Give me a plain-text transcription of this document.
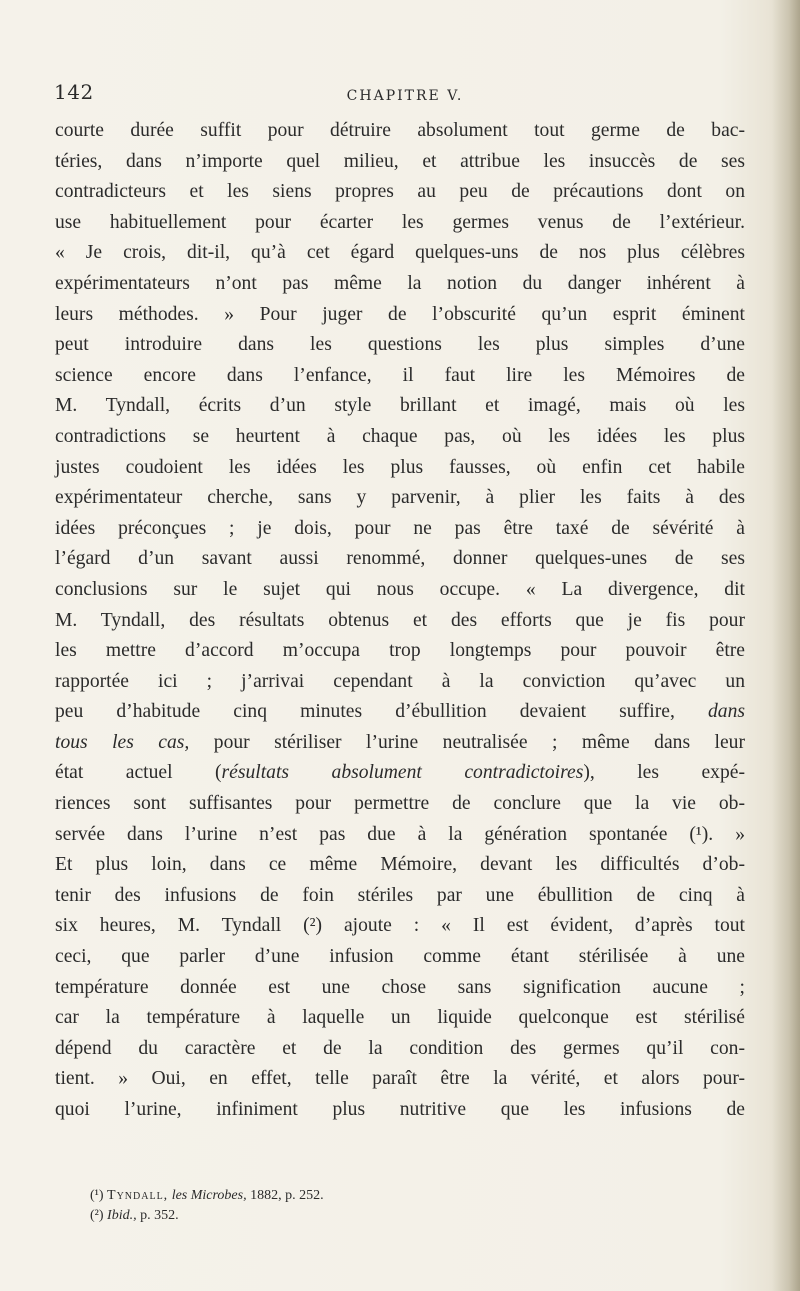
142	CHAPITRE V.
courte durée suffit pour détruire absolument tout germe de bac-
téries, dans n’importe quel milieu, et attribue les insuccès de ses
contradicteurs et les siens propres au peu de précautions dont on
use habituellement pour écarter les germes venus de l’extérieur.
« Je crois, dit-il, qu’à cet égard quelques-uns de nos plus célèbres
expérimentateurs n’ont pas même la notion du danger inhérent à
leurs méthodes. » Pour juger de l’obscurité qu’un esprit éminent
peut introduire dans les questions les plus simples d’une
science encore dans l’enfance, il faut lire les Mémoires de
M. Tyndall, écrits d’un style brillant et imagé, mais où les
contradictions se heurtent à chaque pas, où les idées les plus
justes coudoient les idées les plus fausses, où enfin cet habile
expérimentateur cherche, sans y parvenir, à plier les faits à des
idées préconçues ; je dois, pour ne pas être taxé de sévérité à
l’égard d’un savant aussi renommé, donner quelques-unes de ses
conclusions sur le sujet qui nous occupe. « La divergence, dit
M. Tyndall, des résultats obtenus et des efforts que je fis pour
les mettre d’accord m’occupa trop longtemps pour pouvoir être
rapportée ici ; j’arrivai cependant à la conviction qu’avec un
peu d’habitude cinq minutes d’ébullition devaient suffire, dans
tous les cas, pour stériliser l’urine neutralisée ; même dans leur
état actuel (résultats absolument contradictoires), les expé-
riences sont suffisantes pour permettre de conclure que la vie ob-
servée dans l’urine n’est pas due à la génération spontanée (¹). »
Et plus loin, dans ce même Mémoire, devant les difficultés d’ob-
tenir des infusions de foin stériles par une ébullition de cinq à
six heures, M. Tyndall (²) ajoute : « Il est évident, d’après tout
ceci, que parler d’une infusion comme étant stérilisée à une
température donnée est une chose sans signification aucune ;
car la température à laquelle un liquide quelconque est stérilisé
dépend du caractère et de la condition des germes qu’il con-
tient. » Oui, en effet, telle paraît être la vérité, et alors pour-
quoi l’urine, infiniment plus nutritive que les infusions de
(¹) Tyndall, les Microbes, 1882, p. 252.
(²) Ibid., p. 352.
